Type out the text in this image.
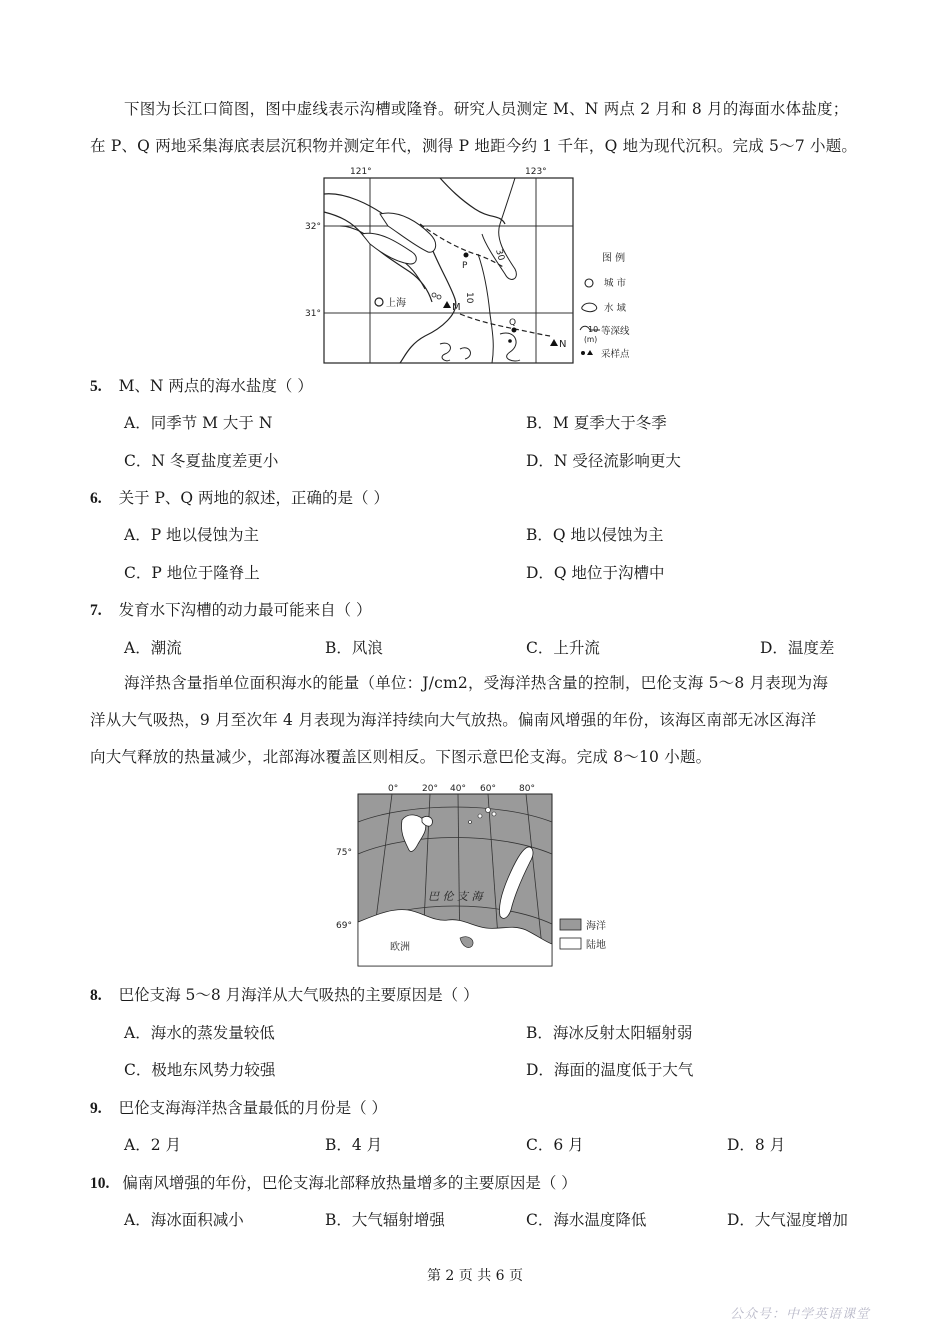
下图为长江口简图，图中虚线表示沟槽或隆脊。研究人员测定 M、N 两点 2 月和 8 月的海面水体盐度；
在 P、Q 两地采集海底表层沉积物并测定年代，测得 P 地距今约 1 千年，Q 地为现代沉积。完成 5～7 小题。
上海
P
M
Q
N
30
10
121°	123°
32°
31°
图 例
城 市
水 域
10
(m)
等深线
采样点
5. M、N 两点的海水盐度（ ）
A．同季节 M 大于 N	B．M 夏季大于冬季
C．N 冬夏盐度差更小	D．N 受径流影响更大
6. 关于 P、Q 两地的叙述，正确的是（ ）
A．P 地以侵蚀为主	B．Q 地以侵蚀为主
C．P 地位于隆脊上	D．Q 地位于沟槽中
7. 发育水下沟槽的动力最可能来自（ ）
A．潮流	B．风浪	C．上升流	D．温度差
海洋热含量指单位面积海水的能量（单位：J/cm2，受海洋热含量的控制，巴伦支海 5～8 月表现为海
洋从大气吸热，9 月至次年 4 月表现为海洋持续向大气放热。偏南风增强的年份，该海区南部无冰区海洋
向大气释放的热量减少，北部海冰覆盖区则相反。下图示意巴伦支海。完成 8～10 小题。
巴 伦 支 海
欧洲
0°	20° 40° 60°	80°
75°
69°	海洋
陆地
8. 巴伦支海 5～8 月海洋从大气吸热的主要原因是（ ）
A．海水的蒸发量较低	B．海冰反射太阳辐射弱
C．极地东风势力较强	D．海面的温度低于大气
9. 巴伦支海海洋热含量最低的月份是（ ）
A．2 月	B．4 月	C．6 月	D．8 月
10. 偏南风增强的年份，巴伦支海北部释放热量增多的主要原因是（ ）
A．海冰面积减小	B．大气辐射增强	C．海水温度降低	D．大气湿度增加
第 2 页 共 6 页
公众号：中学英语课堂
